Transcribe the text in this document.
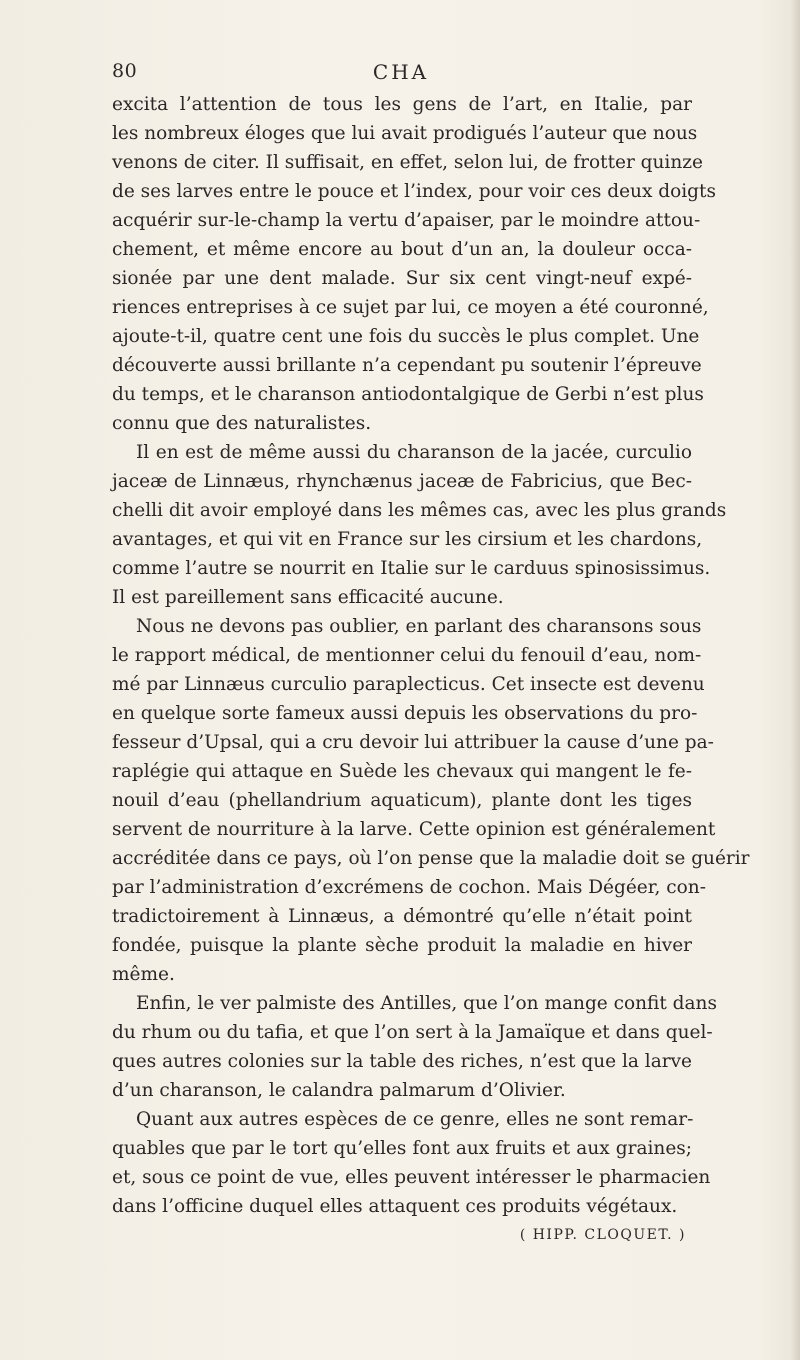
80	CHA
excita l’attention de tous les gens de l’art, en Italie, par
les nombreux éloges que lui avait prodigués l’auteur que nous
venons de citer. Il suffisait, en effet, selon lui, de frotter quinze
de ses larves entre le pouce et l’index, pour voir ces deux doigts
acquérir sur-le-champ la vertu d’apaiser, par le moindre attou-
chement, et même encore au bout d’un an, la douleur occa-
sionée par une dent malade. Sur six cent vingt-neuf expé-
riences entreprises à ce sujet par lui, ce moyen a été couronné,
ajoute-t-il, quatre cent une fois du succès le plus complet. Une
découverte aussi brillante n’a cependant pu soutenir l’épreuve
du temps, et le charanson antiodontalgique de Gerbi n’est plus
connu que des naturalistes.
Il en est de même aussi du charanson de la jacée, curculio
jaceæ de Linnæus, rhynchænus jaceæ de Fabricius, que Bec-
chelli dit avoir employé dans les mêmes cas, avec les plus grands
avantages, et qui vit en France sur les cirsium et les chardons,
comme l’autre se nourrit en Italie sur le carduus spinosissimus.
Il est pareillement sans efficacité aucune.
Nous ne devons pas oublier, en parlant des charansons sous
le rapport médical, de mentionner celui du fenouil d’eau, nom-
mé par Linnæus curculio paraplecticus. Cet insecte est devenu
en quelque sorte fameux aussi depuis les observations du pro-
fesseur d’Upsal, qui a cru devoir lui attribuer la cause d’une pa-
raplégie qui attaque en Suède les chevaux qui mangent le fe-
nouil d’eau (phellandrium aquaticum), plante dont les tiges
servent de nourriture à la larve. Cette opinion est généralement
accréditée dans ce pays, où l’on pense que la maladie doit se guérir
par l’administration d’excrémens de cochon. Mais Dégéer, con-
tradictoirement à Linnæus, a démontré qu’elle n’était point
fondée, puisque la plante sèche produit la maladie en hiver
même.
Enfin, le ver palmiste des Antilles, que l’on mange confit dans
du rhum ou du tafia, et que l’on sert à la Jamaïque et dans quel-
ques autres colonies sur la table des riches, n’est que la larve
d’un charanson, le calandra palmarum d’Olivier.
Quant aux autres espèces de ce genre, elles ne sont remar-
quables que par le tort qu’elles font aux fruits et aux graines;
et, sous ce point de vue, elles peuvent intéresser le pharmacien
dans l’officine duquel elles attaquent ces produits végétaux.
( HIPP. CLOQUET. )
